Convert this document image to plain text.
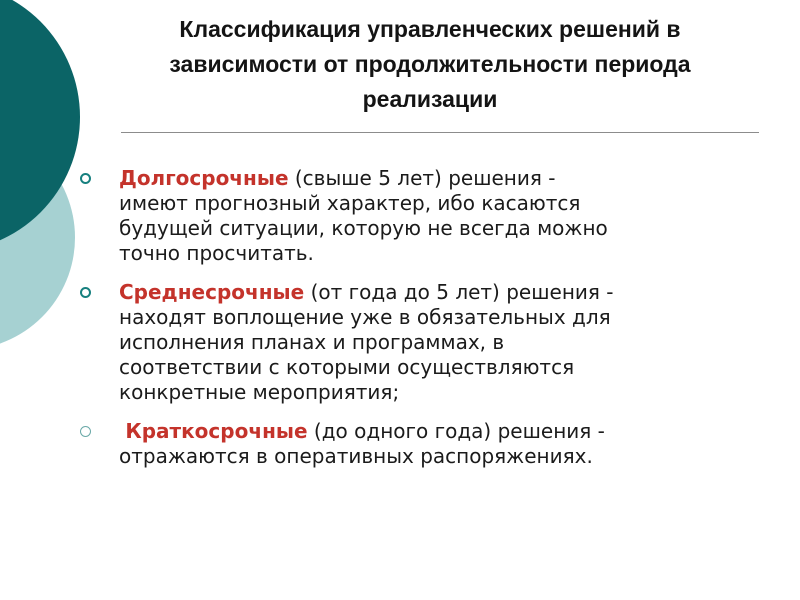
Классификация управленческих решений в
зависимости от продолжительности периода
реализации
Долгосрочные (свыше 5 лет) решения -
имеют прогнозный характер, ибо касаются
будущей ситуации, которую не всегда можно
точно просчитать.
Среднесрочные (от года до 5 лет) решения -
находят воплощение уже в обязательных для
исполнения планах и программах, в
соответствии с которыми осуществляются
конкретные мероприятия;
Краткосрочные (до одного года) решения -
отражаются в оперативных распоряжениях.
